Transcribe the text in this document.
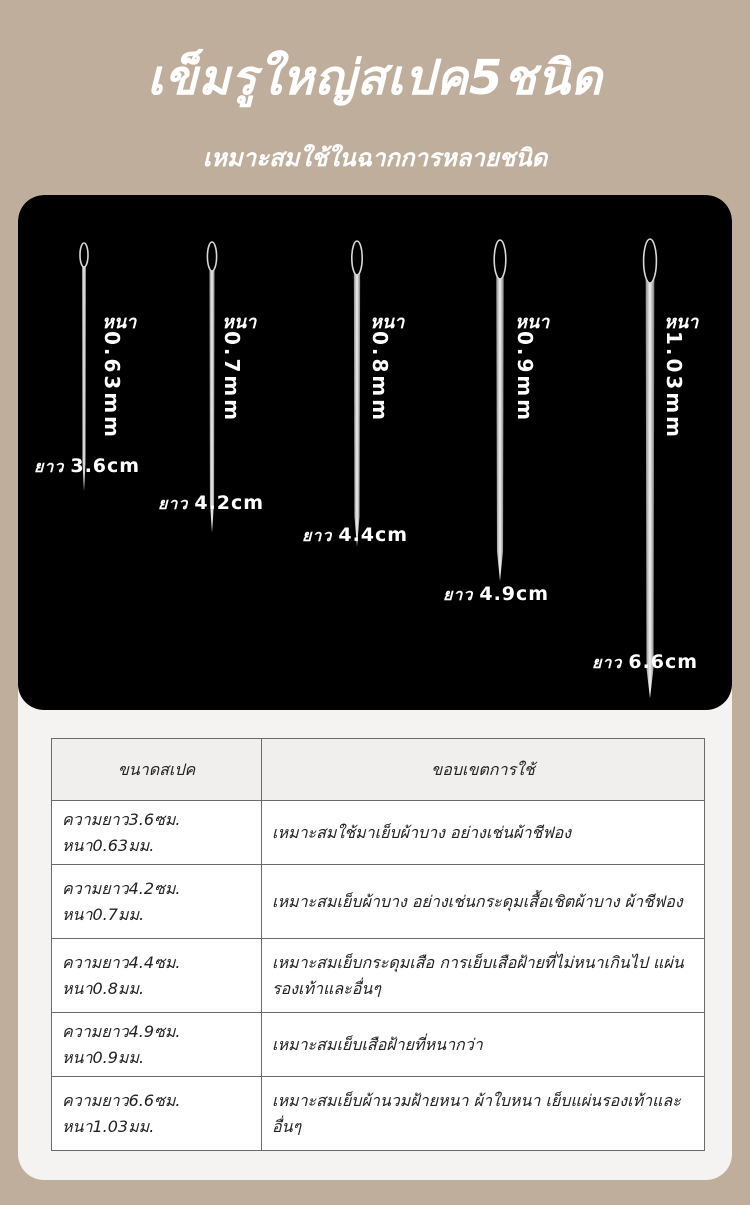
เข็มรูใหญ่สเปค5ชนิด
เหมาะสมใช้ในฉากการหลายชนิด
หนา
0.63mm
ยาว 3.6cm
หนา
0.7mm
ยาว 4.2cm
หนา
0.8mm
ยาว 4.4cm
หนา
0.9mm
ยาว 4.9cm
หนา
1.03mm
ยาว 6.6cm
ขนาดสเปค	ขอบเขตการใช้

ความยาว3.6ซม.
หนา0.63มม.	เหมาะสมใช้มาเย็บผ้าบาง อย่างเช่นผ้าชีฟอง

ความยาว4.2ซม.
หนา0.7มม.	เหมาะสมเย็บผ้าบาง อย่างเช่นกระดุมเสื้อเชิตผ้าบาง ผ้าชีฟอง

ความยาว4.4ซม.
หนา0.8มม.	เหมาะสมเย็บกระดุมเสือ การเย็บเสือฝ้ายที่ไม่หนาเกินไป แผ่นรองเท้าและอื่นๆ

ความยาว4.9ซม.
หนา0.9มม.	เหมาะสมเย็บเสือฝ้ายที่หนากว่า

ความยาว6.6ซม.
หนา1.03มม.	เหมาะสมเย็บผ้านวมฝ้ายหนา ผ้าใบหนา เย็บแผ่นรองเท้าและอื่นๆ
